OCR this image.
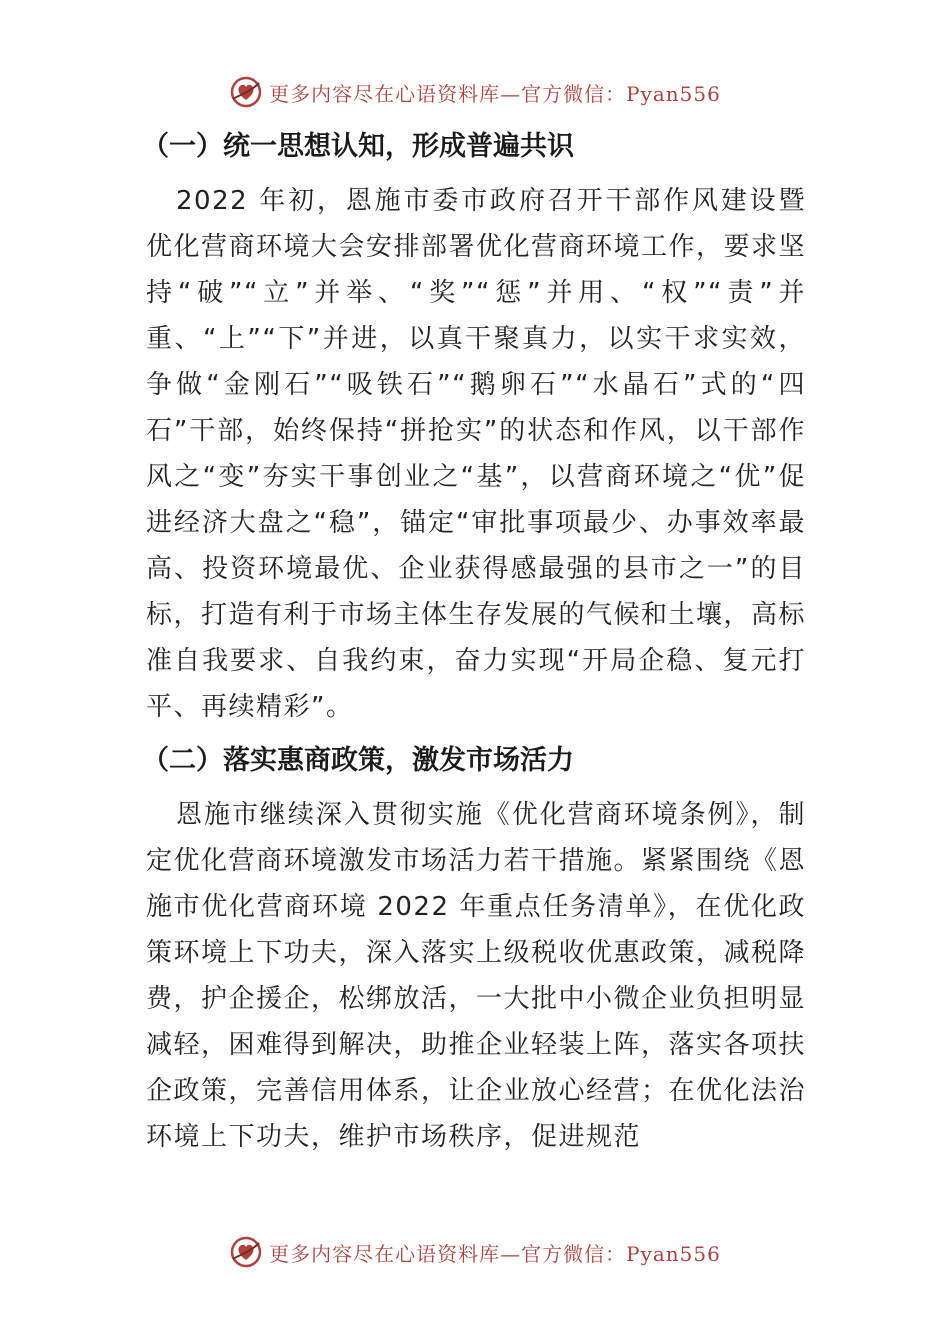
更多内容尽在心语资料库—官方微信：Pyan556
（一）统一思想认知，形成普遍共识

2022 年初，恩施市委市政府召开干部作风建设暨优化营商环境大会安排部署优化营商环境工作，要求坚持“破”“立”并举、“奖”“惩”并用、“权”“责”并重、“上”“下”并进，以真干聚真力，以实干求实效，争做“金刚石”“吸铁石”“鹅卵石”“水晶石”式的“四石”干部，始终保持“拼抢实”的状态和作风，以干部作风之“变”夯实干事创业之“基”，以营商环境之“优”促进经济大盘之“稳”，锚定“审批事项最少、办事效率最高、投资环境最优、企业获得感最强的县市之一”的目标，打造有利于市场主体生存发展的气候和土壤，高标准自我要求、自我约束，奋力实现“开局企稳、复元打平、再续精彩”。

（二）落实惠商政策，激发市场活力

恩施市继续深入贯彻实施《优化营商环境条例》，制定优化营商环境激发市场活力若干措施。紧紧围绕《恩施市优化营商环境 2022 年重点任务清单》，在优化政策环境上下功夫，深入落实上级税收优惠政策，减税降费，护企援企，松绑放活，一大批中小微企业负担明显减轻，困难得到解决，助推企业轻装上阵，落实各项扶企政策，完善信用体系，让企业放心经营；在优化法治环境上下功夫，维护市场秩序，促进规范

更多内容尽在心语资料库—官方微信：Pyan556
